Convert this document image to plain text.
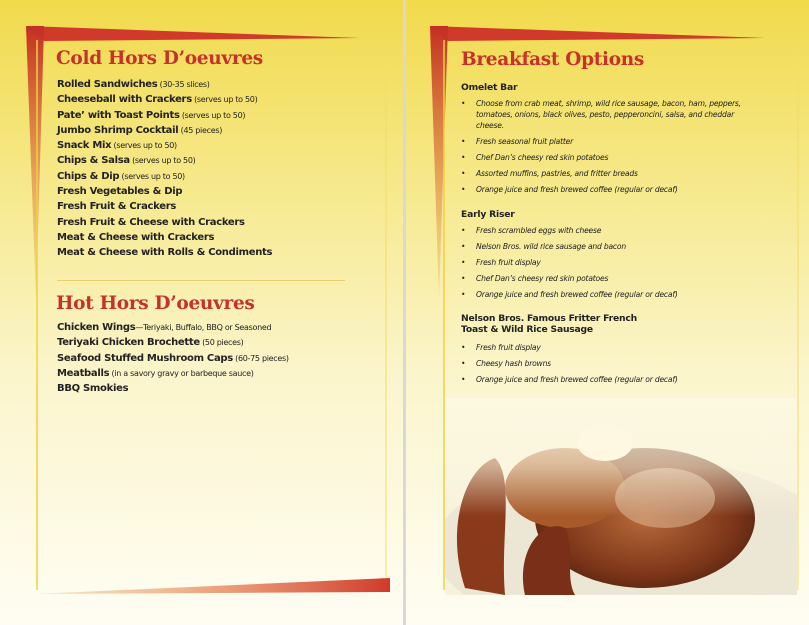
Cold Hors D’oeuvres
Rolled Sandwiches (30-35 slices)
Cheeseball with Crackers (serves up to 50)
Pate’ with Toast Points (serves up to 50)
Jumbo Shrimp Cocktail (45 pieces)
Snack Mix (serves up to 50)
Chips & Salsa (serves up to 50)
Chips & Dip (serves up to 50)
Fresh Vegetables & Dip
Fresh Fruit & Crackers
Fresh Fruit & Cheese with Crackers
Meat & Cheese with Crackers
Meat & Cheese with Rolls & Condiments
Hot Hors D’oeuvres
Chicken Wings—Teriyaki, Buffalo, BBQ or Seasoned
Teriyaki Chicken Brochette (50 pieces)
Seafood Stuffed Mushroom Caps (60-75 pieces)
Meatballs (in a savory gravy or barbeque sauce)
BBQ Smokies
Breakfast Options
Omelet Bar
• Choose from crab meat, shrimp, wild rice sausage, bacon, ham, peppers, tomatoes, onions, black olives, pesto, pepperoncini, salsa, and cheddar cheese.
• Fresh seasonal fruit platter
• Chef Dan’s cheesy red skin potatoes
• Assorted muffins, pastries, and fritter breads
• Orange juice and fresh brewed coffee (regular or decaf)
Early Riser
• Fresh scrambled eggs with cheese
• Nelson Bros. wild rice sausage and bacon
• Fresh fruit display
• Chef Dan’s cheesy red skin potatoes
• Orange juice and fresh brewed coffee (regular or decaf)
Nelson Bros. Famous Fritter French Toast & Wild Rice Sausage
• Fresh fruit display
• Cheesy hash browns
• Orange juice and fresh brewed coffee (regular or decaf)
